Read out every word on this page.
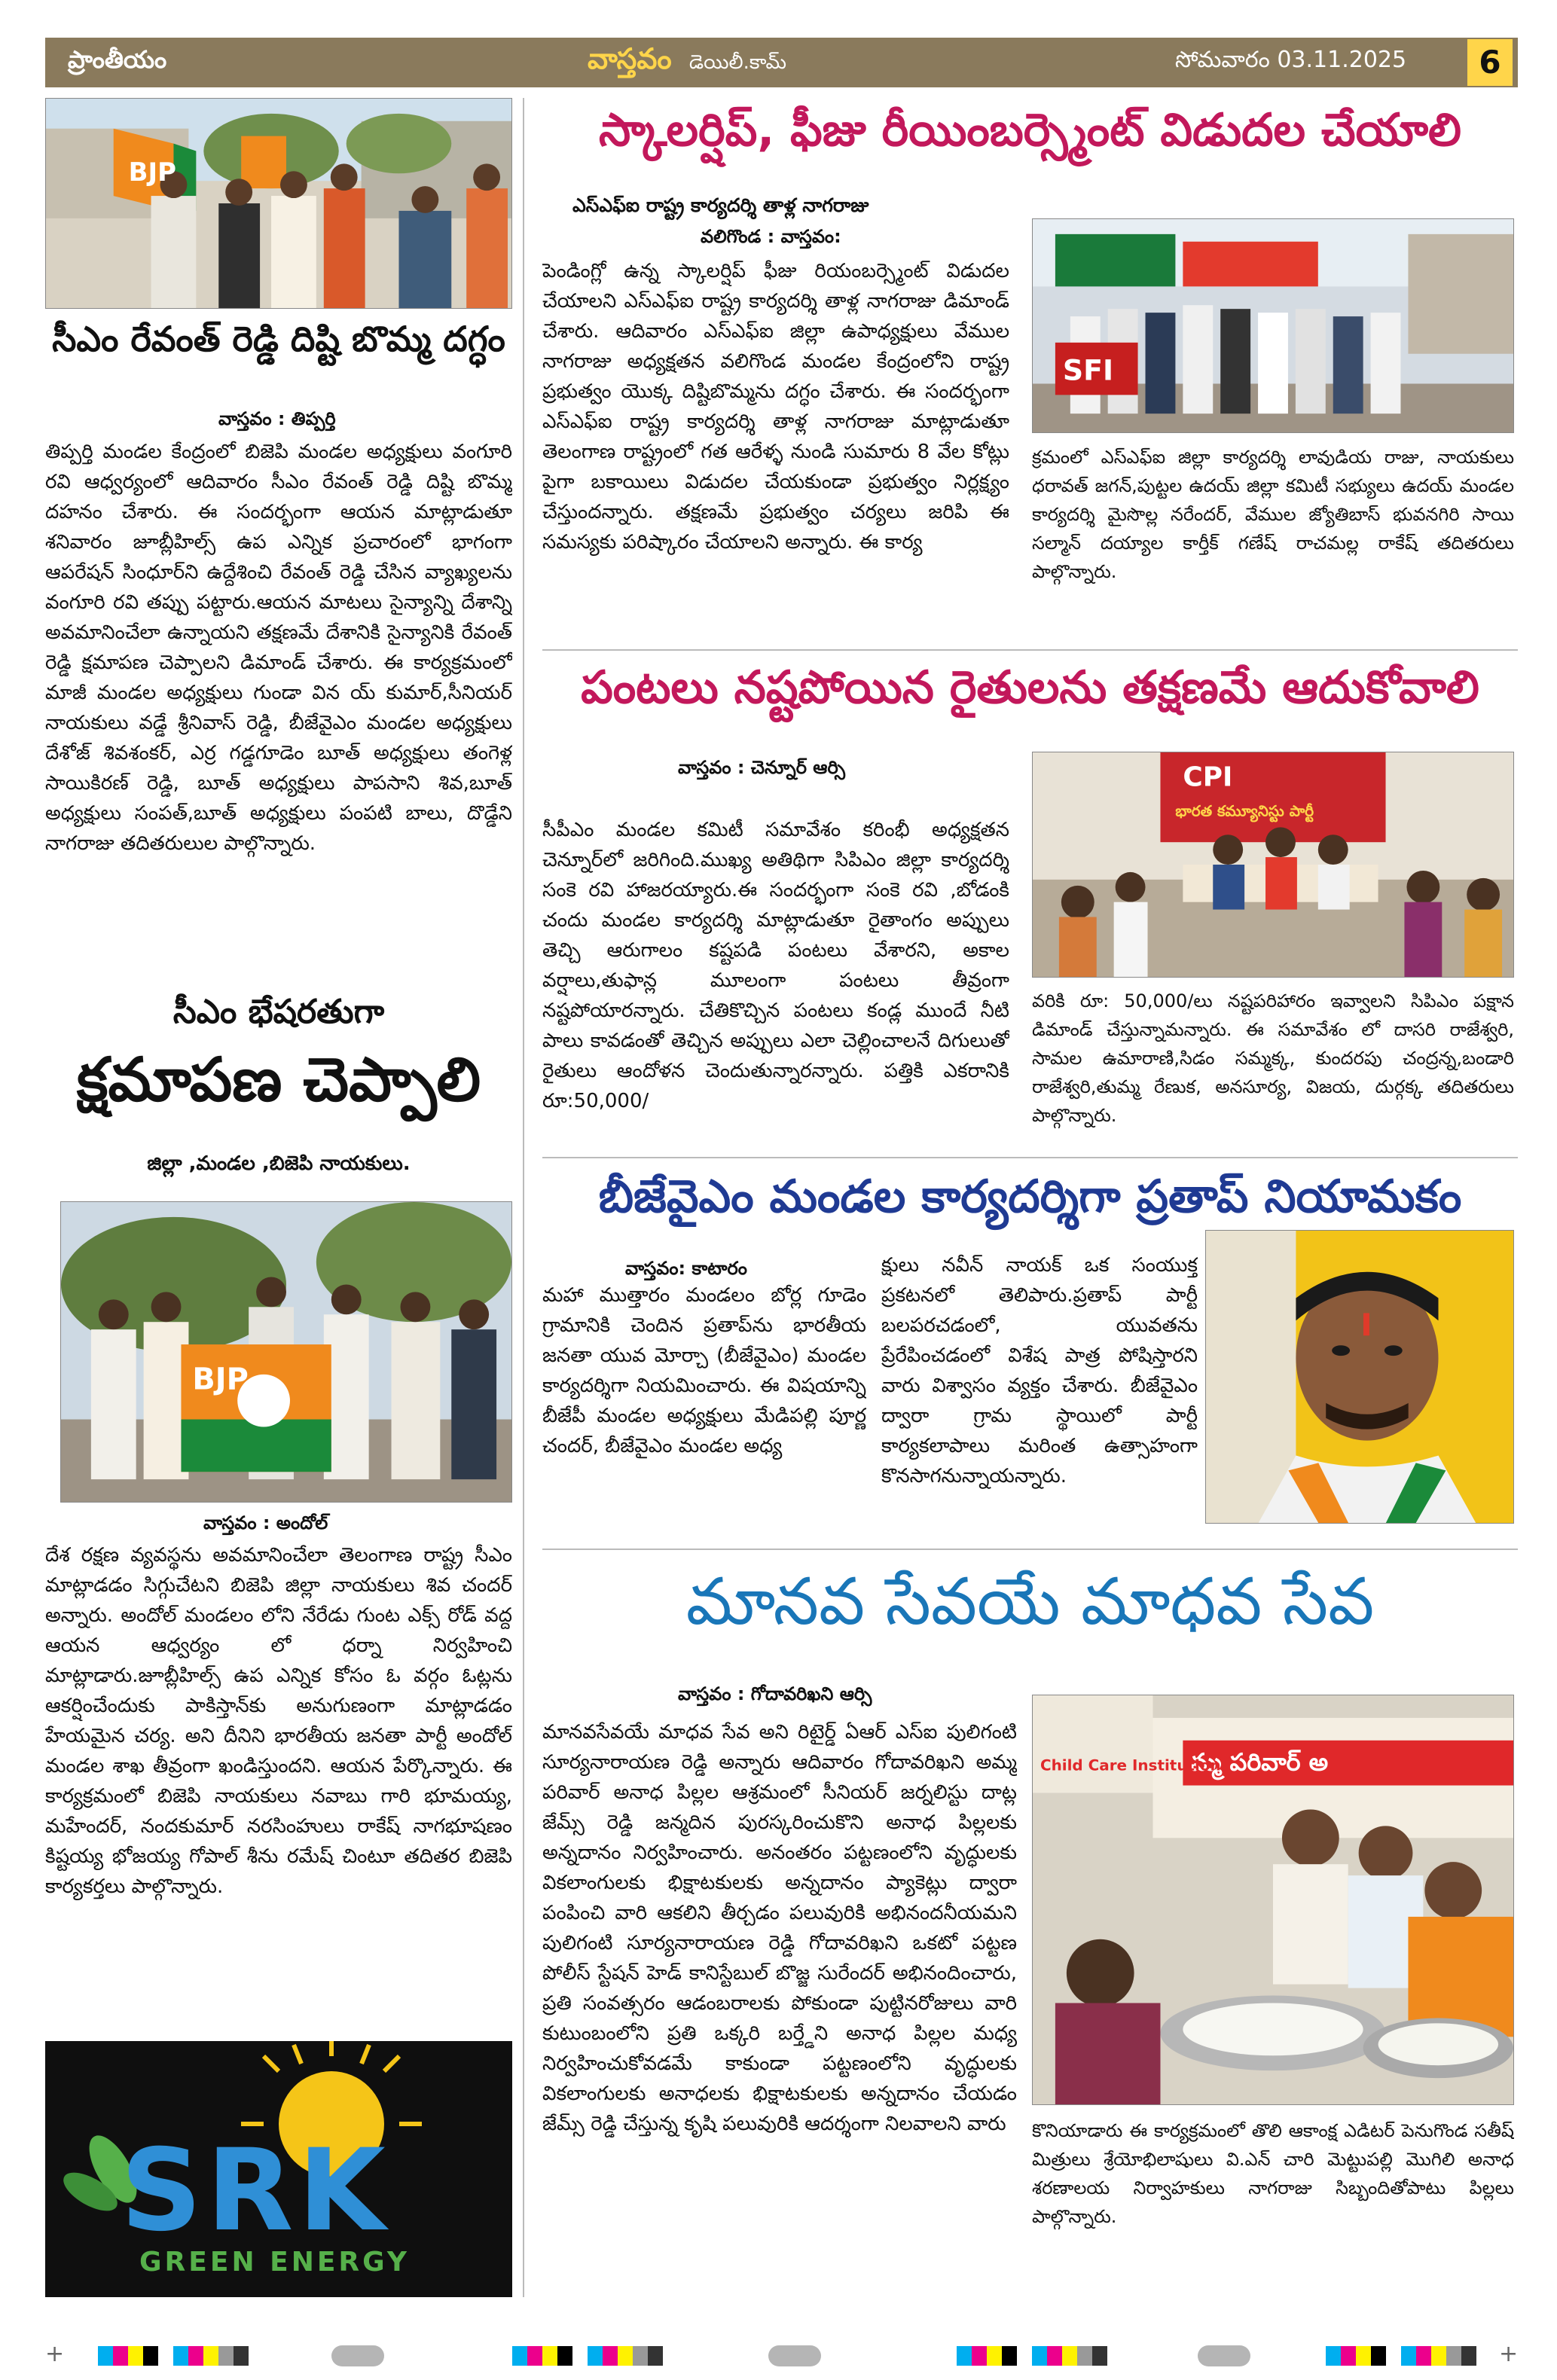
ప్రాంతీయం	వాస్తవం డెయిలీ.కామ్	సోమవారం 03.11.2025	6
BJP
సీఎం రేవంత్ రెడ్డి దిష్టి బొమ్మ దగ్ధం
వాస్తవం : తిప్పర్తి
తిప్పర్తి మండల కేంద్రంలో బిజెపి మండల అధ్యక్షులు వంగూరి రవి ఆధ్వర్యంలో ఆదివారం సీఎం రేవంత్ రెడ్డి దిష్టి బొమ్మ దహనం చేశారు. ఈ సందర్భంగా ఆయన మాట్లాడుతూ శనివారం జూబ్లీహిల్స్ ఉప ఎన్నిక ప్రచారంలో భాగంగా ఆపరేషన్ సింధూర్‌ని ఉద్దేశించి రేవంత్ రెడ్డి చేసిన వ్యాఖ్యలను వంగూరి రవి తప్పు పట్టారు.ఆయన మాటలు సైన్యాన్ని దేశాన్ని అవమానించేలా ఉన్నాయని తక్షణమే దేశానికి సైన్యానికి రేవంత్ రెడ్డి క్షమాపణ చెప్పాలని డిమాండ్ చేశారు. ఈ కార్యక్రమంలో మాజీ మండల అధ్యక్షులు గుండా విన య్ కుమార్,సీనియర్ నాయకులు వడ్డే శ్రీనివాస్ రెడ్డి, బీజేవైఎం మండల అధ్యక్షులు దేశోజ్ శివశంకర్, ఎర్ర గడ్డగూడెం బూత్ అధ్యక్షులు తంగెళ్ల సాయికిరణ్ రెడ్డి, బూత్ అధ్యక్షులు పాపసాని శివ,బూత్ అధ్యక్షులు సంపత్,బూత్ అధ్యక్షులు పంపటి బాలు, దొడ్డేని నాగరాజు తదితరులుల పాల్గొన్నారు.
సీఎం భేషరతుగా
క్షమాపణ చెప్పాలి
జిల్లా ,మండల ,బిజెపి నాయకులు.
BJP
వాస్తవం : అందోల్
దేశ రక్షణ వ్యవస్థను అవమానించేలా తెలంగాణ రాష్ట్ర సీఎం మాట్లాడడం సిగ్గుచేటని బిజెపి జిల్లా నాయకులు శివ చందర్ అన్నారు. అందోల్ మండలం లోని నేరేడు గుంట ఎక్స్ రోడ్ వద్ద ఆయన ఆధ్వర్యం లో ధర్నా నిర్వహించి మాట్లాడారు.జూబ్లీహిల్స్ ఉప ఎన్నిక కోసం ఓ వర్గం ఓట్లను ఆకర్షించేందుకు పాకిస్తాన్‌కు అనుగుణంగా మాట్లాడడం హేయమైన చర్య. అని దీనిని భారతీయ జనతా పార్టీ అందోల్ మండల శాఖ తీవ్రంగా ఖండిస్తుందని. ఆయన పేర్కొన్నారు. ఈ కార్యక్రమంలో బిజెపి నాయకులు నవాబు గారి భూమయ్య, మహేందర్, నందకుమార్ నరసింహులు రాకేష్ నాగభూషణం కిష్టయ్య భోజయ్య గోపాల్ శీను రమేష్ చింటూ తదితర బిజెపి కార్యకర్తలు పాల్గొన్నారు.
SRK
GREEN ENERGY
స్కాలర్షిప్, ఫీజు రీయింబర్స్మెంట్ విడుదల చేయాలి
ఎస్ఎఫ్ఐ రాష్ట్ర కార్యదర్శి తాళ్ల నాగరాజు
వలిగొండ : వాస్తవం:
పెండింగ్లో ఉన్న స్కాలర్షిప్ ఫీజు రియంబర్స్మెంట్ విడుదల చేయాలని ఎస్ఎఫ్ఐ రాష్ట్ర కార్యదర్శి తాళ్ల నాగరాజు డిమాండ్ చేశారు. ఆదివారం ఎస్ఎఫ్ఐ జిల్లా ఉపాధ్యక్షులు వేముల నాగరాజు అధ్యక్షతన వలిగొండ మండల కేంద్రంలోని రాష్ట్ర ప్రభుత్వం యొక్క దిష్టిబొమ్మను దగ్ధం చేశారు. ఈ సందర్భంగా ఎస్ఎఫ్ఐ రాష్ట్ర కార్యదర్శి తాళ్ల నాగరాజు మాట్లాడుతూ తెలంగాణ రాష్ట్రంలో గత ఆరేళ్ళ నుండి సుమారు 8 వేల కోట్లు పైగా బకాయిలు విడుదల చేయకుండా ప్రభుత్వం నిర్లక్ష్యం చేస్తుందన్నారు. తక్షణమే ప్రభుత్వం చర్యలు జరిపి ఈ సమస్యకు పరిష్కారం చేయాలని అన్నారు. ఈ కార్య
SFI
క్రమంలో ఎస్ఎఫ్ఐ జిల్లా కార్యదర్శి లావుడియ రాజు, నాయకులు ధరావత్ జగన్,పుట్టల ఉదయ్ జిల్లా కమిటీ సభ్యులు ఉదయ్ మండల కార్యదర్శి మైసొల్ల నరేందర్, వేముల జ్యోతిబాస్ భువనగిరి సాయి సల్మాన్ దయ్యాల కార్తీక్ గణేష్ రాచమల్ల రాకేష్ తదితరులు పాల్గొన్నారు.
పంటలు నష్టపోయిన రైతులను తక్షణమే ఆదుకోవాలి
వాస్తవం : చెన్నూర్ ఆర్సి
సీపీఎం మండల కమిటీ సమావేశం కరింభీ అధ్యక్షతన చెన్నూర్‌లో జరిగింది.ముఖ్య అతిథిగా సిపిఎం జిల్లా కార్యదర్శి సంకె రవి హాజరయ్యారు.ఈ సందర్భంగా సంకె రవి ,బోడంకి చందు మండల కార్యదర్శి మాట్లాడుతూ రైతాంగం అప్పులు తెచ్చి ఆరుగాలం కష్టపడి పంటలు వేశారని, అకాల వర్షాలు,తుఫాన్ల మూలంగా పంటలు తీవ్రంగా నష్టపోయారన్నారు. చేతికొచ్చిన పంటలు కండ్ల ముందే నీటి పాలు కావడంతో తెచ్చిన అప్పులు ఎలా చెల్లించాలనే దిగులుతో రైతులు ఆందోళన చెందుతున్నారన్నారు. పత్తికి ఎకరానికి రూ:50,000/
CPI
భారత కమ్యూనిస్టు పార్టీ
వరికి రూ: 50,000/లు నష్టపరిహారం ఇవ్వాలని సిపిఎం పక్షాన డిమాండ్ చేస్తున్నామన్నారు. ఈ సమావేశం లో దాసరి రాజేశ్వరి, సామల ఉమారాణి,సిడం సమ్మక్క, కుందరపు చంద్రన్న,బండారి రాజేశ్వరి,తుమ్మ రేణుక, అనసూర్య, విజయ, దుర్గక్క తదితరులు పాల్గొన్నారు.
బీజేవైఎం మండల కార్యదర్శిగా ప్రతాప్ నియామకం
వాస్తవం: కాటారం
మహా ముత్తారం మండలం బోర్ల గూడెం గ్రామానికి చెందిన ప్రతాప్‌ను భారతీయ జనతా యువ మోర్చా (బీజేవైఎం) మండల కార్యదర్శిగా నియమించారు. ఈ విషయాన్ని బీజేపీ మండల అధ్యక్షులు మేడిపల్లి పూర్ణ చందర్, బీజేవైఎం మండల అధ్య
క్షులు నవీన్ నాయక్ ఒక సంయుక్త ప్రకటనలో తెలిపారు.ప్రతాప్ పార్టీ బలపరచడంలో, యువతను ప్రేరేపించడంలో విశేష పాత్ర పోషిస్తారని వారు విశ్వాసం వ్యక్తం చేశారు. బీజేవైఎం ద్వారా గ్రామ స్థాయిలో పార్టీ కార్యకలాపాలు మరింత ఉత్సాహంగా కొనసాగనున్నాయన్నారు.
మానవ సేవయే మాధవ సేవ
వాస్తవం : గోదావరిఖని ఆర్సి
మానవసేవయే మాధవ సేవ అని రిటైర్డ్ ఏఆర్ ఎస్ఐ పులిగంటి సూర్యనారాయణ రెడ్డి అన్నారు ఆదివారం గోదావరిఖని అమ్మ పరివార్ అనాధ పిల్లల ఆశ్రమంలో సీనియర్ జర్నలిస్టు దాట్ల జేమ్స్ రెడ్డి జన్మదిన పురస్కరించుకొని అనాధ పిల్లలకు అన్నదానం నిర్వహించారు. అనంతరం పట్టణంలోని వృద్ధులకు వికలాంగులకు భిక్షాటకులకు అన్నదానం ప్యాకెట్లు ద్వారా పంపించి వారి ఆకలిని తీర్చడం పలువురికి అభినందనీయమని పులిగంటి సూర్యనారాయణ రెడ్డి గోదావరిఖని ఒకటో పట్టణ పోలీస్ స్టేషన్ హెడ్ కానిస్టేబుల్ బొజ్జ సురేందర్ అభినందించారు, ప్రతి సంవత్సరం ఆడంబరాలకు పోకుండా పుట్టినరోజులు వారి కుటుంబంలోని ప్రతి ఒక్కరి బర్త్డేని అనాధ పిల్లల మధ్య నిర్వహించుకోవడమే కాకుండా పట్టణంలోని వృద్ధులకు వికలాంగులకు అనాధలకు భిక్షాటకులకు అన్నదానం చేయడం జేమ్స్ రెడ్డి చేస్తున్న కృషి పలువురికి ఆదర్శంగా నిలవాలని వారు
మ్మ పరివార్ అ
Child Care Institution
కొనియాడారు ఈ కార్యక్రమంలో తొలి ఆకాంక్ష ఎడిటర్ పెనుగొండ సతీష్ మిత్రులు శ్రేయోభిలాషులు వి.ఎన్ చారి మెట్టుపల్లి మొగిలి అనాధ శరణాలయ నిర్వాహకులు నాగరాజు సిబ్బందితోపాటు పిల్లలు పాల్గొన్నారు.
+	+
